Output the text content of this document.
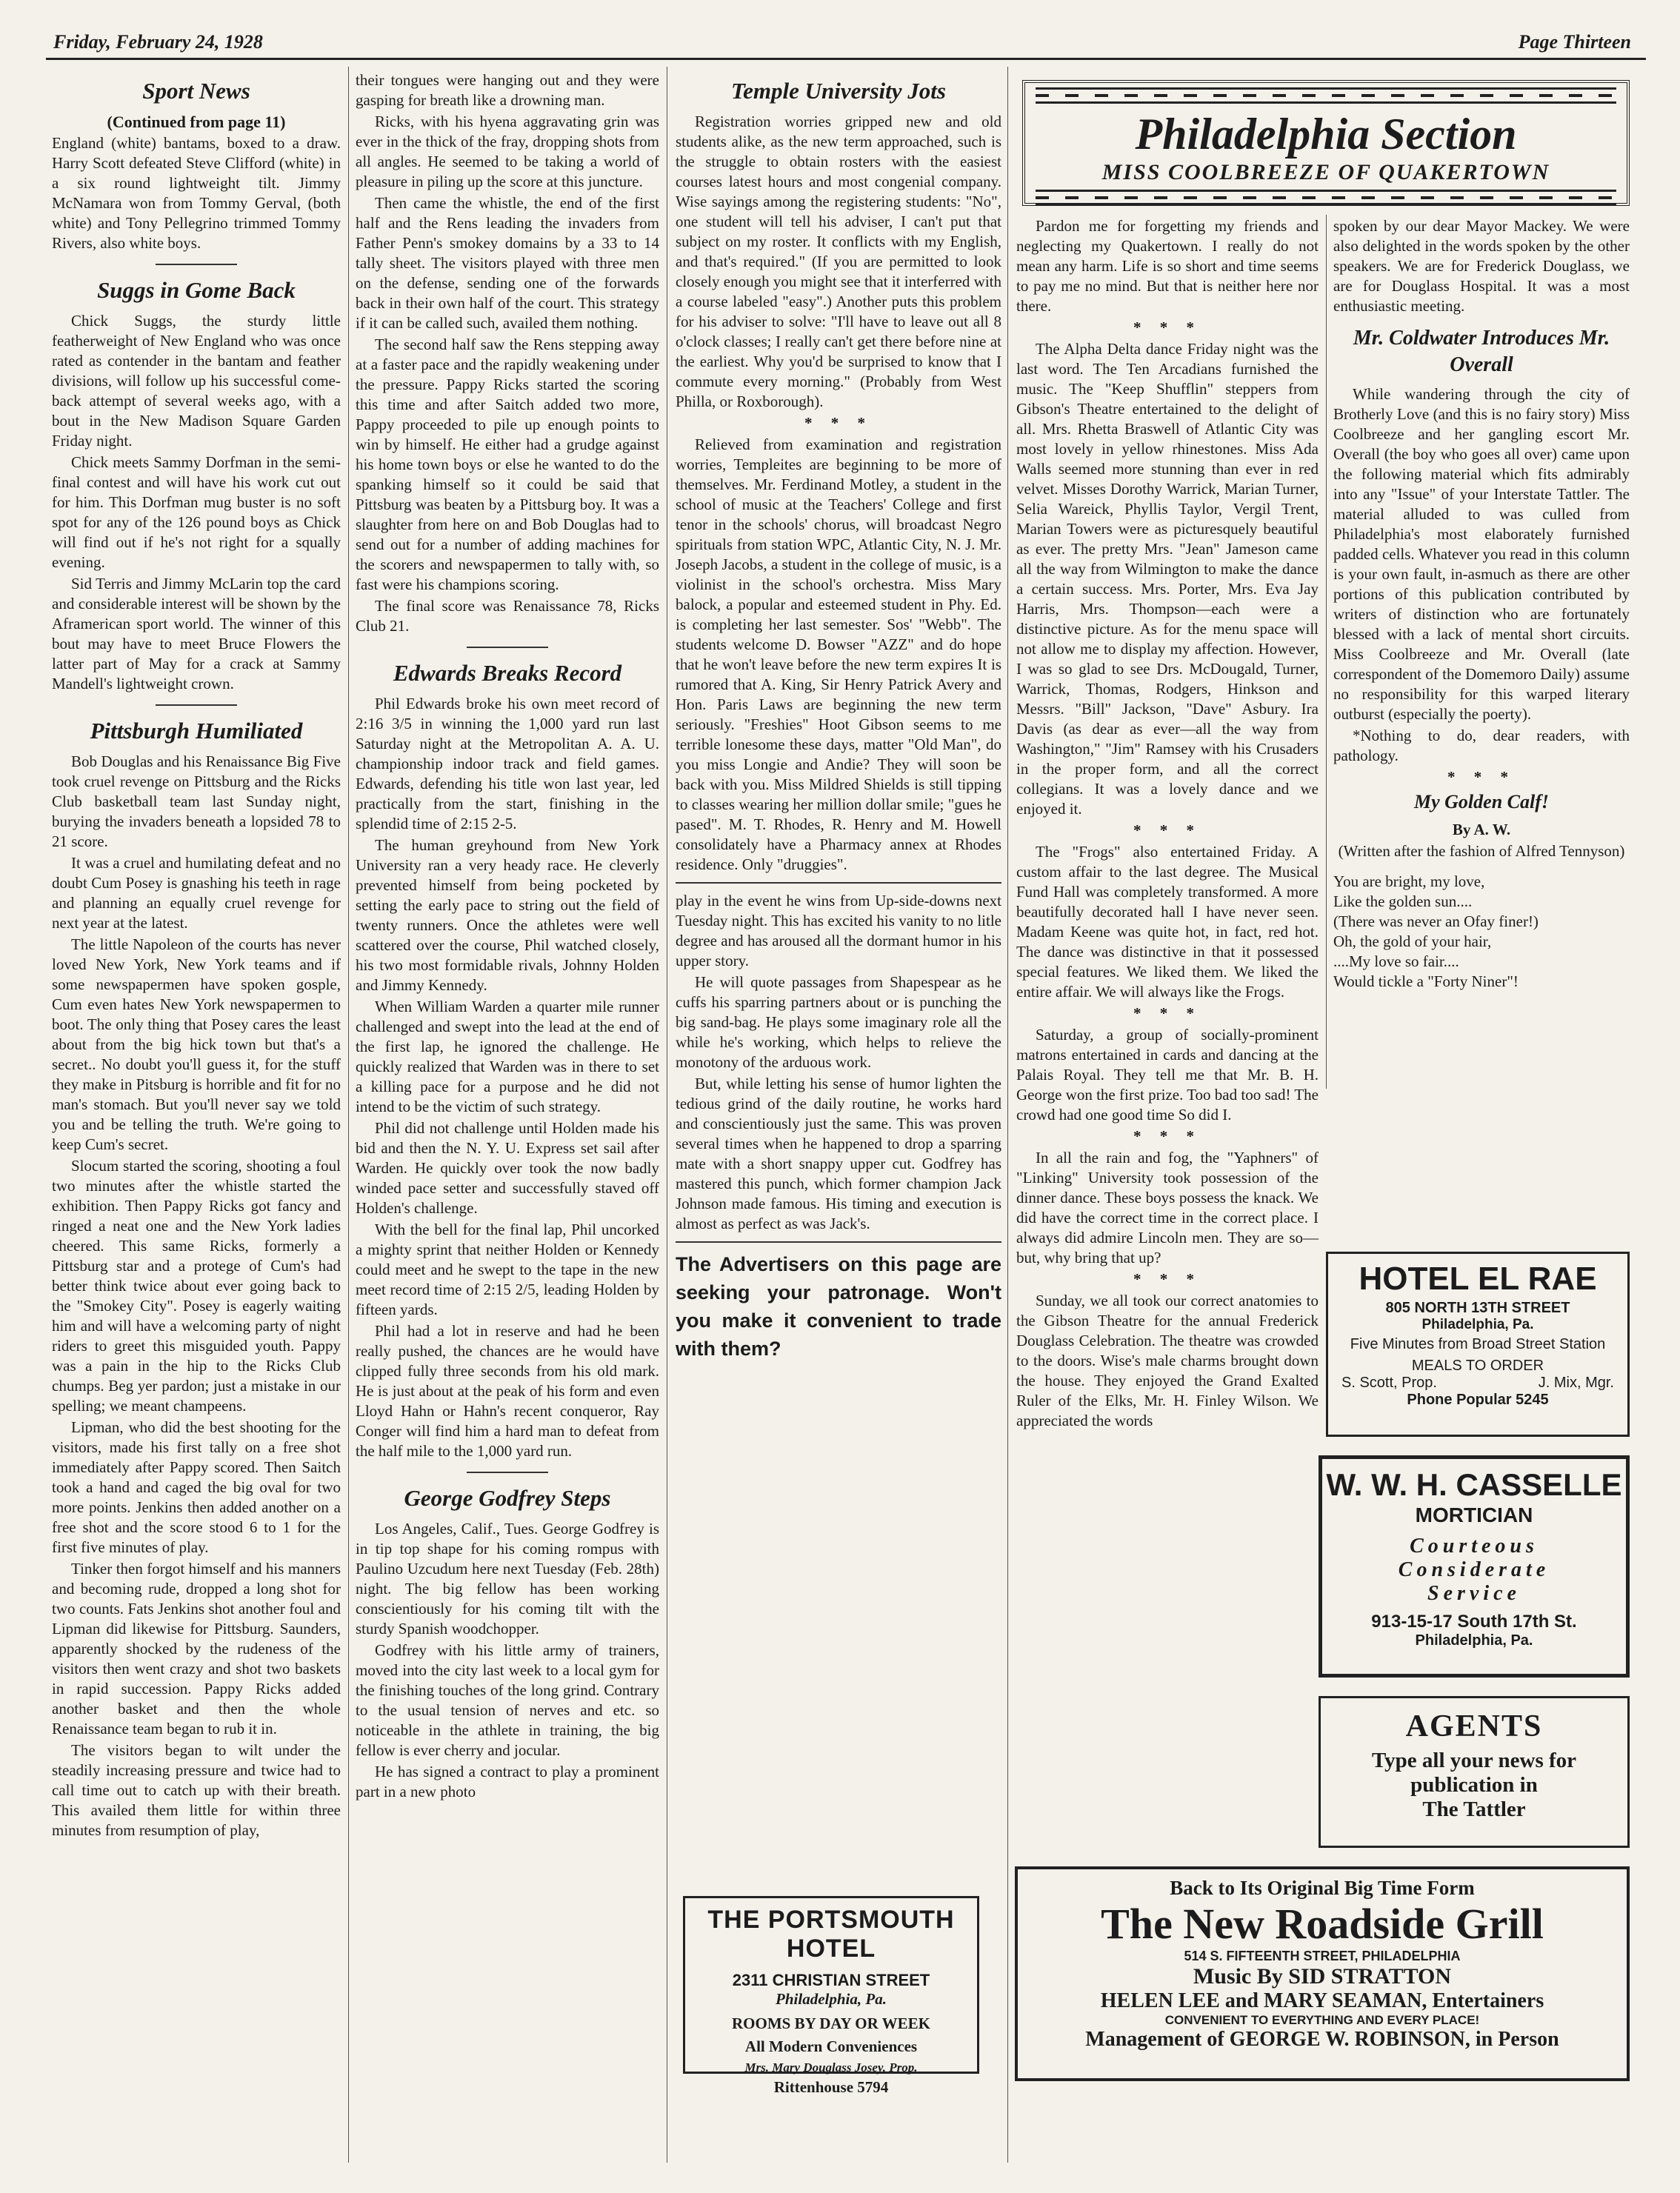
Friday, February 24, 1928	Page Thirteen
Sport News

(Continued from page 11)

England (white) bantams, boxed to a draw. Harry Scott defeated Steve Clifford (white) in a six round lightweight tilt. Jimmy McNamara won from Tommy Gerval, (both white) and Tony Pellegrino trimmed Tommy Rivers, also white boys.

Suggs in Gome Back

Chick Suggs, the sturdy little featherweight of New England who was once rated as contender in the bantam and feather divisions, will follow up his successful come-back attempt of several weeks ago, with a bout in the New Madison Square Garden Friday night.

Chick meets Sammy Dorfman in the semi-final contest and will have his work cut out for him. This Dorfman mug buster is no soft spot for any of the 126 pound boys as Chick will find out if he's not right for a squally evening.

Sid Terris and Jimmy McLarin top the card and considerable interest will be shown by the Aframerican sport world. The winner of this bout may have to meet Bruce Flowers the latter part of May for a crack at Sammy Mandell's lightweight crown.

Pittsburgh Humiliated

Bob Douglas and his Renaissance Big Five took cruel revenge on Pittsburg and the Ricks Club basketball team last Sunday night, burying the invaders beneath a lopsided 78 to 21 score.

It was a cruel and humilating defeat and no doubt Cum Posey is gnashing his teeth in rage and planning an equally cruel revenge for next year at the latest.

The little Napoleon of the courts has never loved New York, New York teams and if some newspapermen have spoken gosple, Cum even hates New York newspapermen to boot. The only thing that Posey cares the least about from the big hick town but that's a secret.. No doubt you'll guess it, for the stuff they make in Pitsburg is horrible and fit for no man's stomach. But you'll never say we told you and be telling the truth. We're going to keep Cum's secret.

Slocum started the scoring, shooting a foul two minutes after the whistle started the exhibition. Then Pappy Ricks got fancy and ringed a neat one and the New York ladies cheered. This same Ricks, formerly a Pittsburg star and a protege of Cum's had better think twice about ever going back to the "Smokey City". Posey is eagerly waiting him and will have a welcoming party of night riders to greet this misguided youth. Pappy was a pain in the hip to the Ricks Club chumps. Beg yer pardon; just a mistake in our spelling; we meant champeens.

Lipman, who did the best shooting for the visitors, made his first tally on a free shot immediately after Pappy scored. Then Saitch took a hand and caged the big oval for two more points. Jenkins then added another on a free shot and the score stood 6 to 1 for the first five minutes of play.

Tinker then forgot himself and his manners and becoming rude, dropped a long shot for two counts. Fats Jenkins shot another foul and Lipman did likewise for Pittsburg. Saunders, apparently shocked by the rudeness of the visitors then went crazy and shot two baskets in rapid succession. Pappy Ricks added another basket and then the whole Renaissance team began to rub it in.

The visitors began to wilt under the steadily increasing pressure and twice had to call time out to catch up with their breath. This availed them little for within three minutes from resumption of play,

their tongues were hanging out and they were gasping for breath like a drowning man.

Ricks, with his hyena aggravating grin was ever in the thick of the fray, dropping shots from all angles. He seemed to be taking a world of pleasure in piling up the score at this juncture.

Then came the whistle, the end of the first half and the Rens leading the invaders from Father Penn's smokey domains by a 33 to 14 tally sheet. The visitors played with three men on the defense, sending one of the forwards back in their own half of the court. This strategy if it can be called such, availed them nothing.

The second half saw the Rens stepping away at a faster pace and the rapidly weakening under the pressure. Pappy Ricks started the scoring this time and after Saitch added two more, Pappy proceeded to pile up enough points to win by himself. He either had a grudge against his home town boys or else he wanted to do the spanking himself so it could be said that Pittsburg was beaten by a Pittsburg boy. It was a slaughter from here on and Bob Douglas had to send out for a number of adding machines for the scorers and newspapermen to tally with, so fast were his champions scoring.

The final score was Renaissance 78, Ricks Club 21.

Edwards Breaks Record

Phil Edwards broke his own meet record of 2:16 3/5 in winning the 1,000 yard run last Saturday night at the Metropolitan A. A. U. championship indoor track and field games. Edwards, defending his title won last year, led practically from the start, finishing in the splendid time of 2:15 2-5.

The human greyhound from New York University ran a very heady race. He cleverly prevented himself from being pocketed by setting the early pace to string out the field of twenty runners. Once the athletes were well scattered over the course, Phil watched closely, his two most formidable rivals, Johnny Holden and Jimmy Kennedy.

When William Warden a quarter mile runner challenged and swept into the lead at the end of the first lap, he ignored the challenge. He quickly realized that Warden was in there to set a killing pace for a purpose and he did not intend to be the victim of such strategy.

Phil did not challenge until Holden made his bid and then the N. Y. U. Express set sail after Warden. He quickly over took the now badly winded pace setter and successfully staved off Holden's challenge.

With the bell for the final lap, Phil uncorked a mighty sprint that neither Holden or Kennedy could meet and he swept to the tape in the new meet record time of 2:15 2/5, leading Holden by fifteen yards.

Phil had a lot in reserve and had he been really pushed, the chances are he would have clipped fully three seconds from his old mark. He is just about at the peak of his form and even Lloyd Hahn or Hahn's recent conqueror, Ray Conger will find him a hard man to defeat from the half mile to the 1,000 yard run.

George Godfrey Steps

Los Angeles, Calif., Tues. George Godfrey is in tip top shape for his coming rompus with Paulino Uzcudum here next Tuesday (Feb. 28th) night. The big fellow has been working conscientiously for his coming tilt with the sturdy Spanish woodchopper.

Godfrey with his little army of trainers, moved into the city last week to a local gym for the finishing touches of the long grind. Contrary to the usual tension of nerves and etc. so noticeable in the athlete in training, the big fellow is ever cherry and jocular.

He has signed a contract to play a prominent part in a new photo

Temple University Jots

Registration worries gripped new and old students alike, as the new term approached, such is the struggle to obtain rosters with the easiest courses latest hours and most congenial company. Wise sayings among the registering students: "No", one student will tell his adviser, I can't put that subject on my roster. It conflicts with my English, and that's required." (If you are permitted to look closely enough you might see that it interferred with a course labeled "easy".) Another puts this problem for his adviser to solve: "I'll have to leave out all 8 o'clock classes; I really can't get there before nine at the earliest. Why you'd be surprised to know that I commute every morning." (Probably from West Philla, or Roxborough).

* * *

Relieved from examination and registration worries, Templeites are beginning to be more of themselves. Mr. Ferdinand Motley, a student in the school of music at the Teachers' College and first tenor in the schools' chorus, will broadcast Negro spirituals from station WPC, Atlantic City, N. J. Mr. Joseph Jacobs, a student in the college of music, is a violinist in the school's orchestra. Miss Mary balock, a popular and esteemed student in Phy. Ed. is completing her last semester. Sos' "Webb". The students welcome D. Bowser "AZZ" and do hope that he won't leave before the new term expires It is rumored that A. King, Sir Henry Patrick Avery and Hon. Paris Laws are beginning the new term seriously. "Freshies" Hoot Gibson seems to me terrible lonesome these days, matter "Old Man", do you miss Longie and Andie? They will soon be back with you. Miss Mildred Shields is still tipping to classes wearing her million dollar smile; "gues he pased". M. T. Rhodes, R. Henry and M. Howell consolidately have a Pharmacy annex at Rhodes residence. Only "druggies".

play in the event he wins from Up-side-downs next Tuesday night. This has excited his vanity to no litle degree and has aroused all the dormant humor in his upper story.

He will quote passages from Shapespear as he cuffs his sparring partners about or is punching the big sand-bag. He plays some imaginary role all the while he's working, which helps to relieve the monotony of the arduous work.

But, while letting his sense of humor lighten the tedious grind of the daily routine, he works hard and conscientiously just the same. This was proven several times when he happened to drop a sparring mate with a short snappy upper cut. Godfrey has mastered this punch, which former champion Jack Johnson made famous. His timing and execution is almost as perfect as was Jack's.

The Advertisers on this page are seeking your patronage. Won't you make it convenient to trade with them?

THE PORTSMOUTH HOTEL
2311 CHRISTIAN STREET
Philadelphia, Pa.
ROOMS BY DAY OR WEEK
All Modern Conveniences
Mrs. Mary Douglass Josey, Prop.
Rittenhouse 5794
Philadelphia Section
MISS COOLBREEZE OF QUAKERTOWN

Pardon me for forgetting my friends and neglecting my Quakertown. I really do not mean any harm. Life is so short and time seems to pay me no mind. But that is neither here nor there.

* * *

The Alpha Delta dance Friday night was the last word. The Ten Arcadians furnished the music. The "Keep Shufflin" steppers from Gibson's Theatre entertained to the delight of all. Mrs. Rhetta Braswell of Atlantic City was most lovely in yellow rhinestones. Miss Ada Walls seemed more stunning than ever in red velvet. Misses Dorothy Warrick, Marian Turner, Selia Wareick, Phyllis Taylor, Vergil Trent, Marian Towers were as picturesquely beautiful as ever. The pretty Mrs. "Jean" Jameson came all the way from Wilmington to make the dance a certain success. Mrs. Porter, Mrs. Eva Jay Harris, Mrs. Thompson—each were a distinctive picture. As for the menu space will not allow me to display my affection. However, I was so glad to see Drs. McDougald, Turner, Warrick, Thomas, Rodgers, Hinkson and Messrs. "Bill" Jackson, "Dave" Asbury. Ira Davis (as dear as ever—all the way from Washington," "Jim" Ramsey with his Crusaders in the proper form, and all the correct collegians. It was a lovely dance and we enjoyed it.

* * *

The "Frogs" also entertained Friday. A custom affair to the last degree. The Musical Fund Hall was completely transformed. A more beautifully decorated hall I have never seen. Madam Keene was quite hot, in fact, red hot. The dance was distinctive in that it possessed special features. We liked them. We liked the entire affair. We will always like the Frogs.

* * *

Saturday, a group of socially-prominent matrons entertained in cards and dancing at the Palais Royal. They tell me that Mr. B. H. George won the first prize. Too bad too sad! The crowd had one good time So did I.

* * *

In all the rain and fog, the "Yaphners" of "Linking" University took possession of the dinner dance. These boys possess the knack. We did have the correct time in the correct place. I always did admire Lincoln men. They are so— but, why bring that up?

* * *

Sunday, we all took our correct anatomies to the Gibson Theatre for the annual Frederick Douglass Celebration. The theatre was crowded to the doors. Wise's male charms brought down the house. They enjoyed the Grand Exalted Ruler of the Elks, Mr. H. Finley Wilson. We appreciated the words

spoken by our dear Mayor Mackey. We were also delighted in the words spoken by the other speakers. We are for Frederick Douglass, we are for Douglass Hospital. It was a most enthusiastic meeting.

Mr. Coldwater Introduces Mr. Overall

While wandering through the city of Brotherly Love (and this is no fairy story) Miss Coolbreeze and her gangling escort Mr. Overall (the boy who goes all over) came upon the following material which fits admirably into any "Issue" of your Interstate Tattler. The material alluded to was culled from Philadelphia's most elaborately furnished padded cells. Whatever you read in this column is your own fault, in-asmuch as there are other portions of this publication contributed by writers of distinction who are fortunately blessed with a lack of mental short circuits. Miss Coolbreeze and Mr. Overall (late correspondent of the Domemoro Daily) assume no responsibility for this warped literary outburst (especially the poerty).

*Nothing to do, dear readers, with pathology.

* * *

My Golden Calf!

By A. W.

(Written after the fashion of Alfred Tennyson)

You are bright, my love,

Like the golden sun....

(There was never an Ofay finer!)

Oh, the gold of your hair,

....My love so fair....

Would tickle a "Forty Niner"!

HOTEL EL RAE
805 NORTH 13TH STREET
Philadelphia, Pa.
Five Minutes from Broad Street Station
MEALS TO ORDER
S. Scott, Prop.	J. Mix, Mgr.
Phone Popular 5245
W. W. H. CASSELLE
MORTICIAN
Courteous
Considerate
Service
913-15-17 South 17th St.
Philadelphia, Pa.
AGENTS
Type all your news for
publication in
The Tattler
Back to Its Original Big Time Form
The New Roadside Grill
514 S. FIFTEENTH STREET, PHILADELPHIA
Music By SID STRATTON
HELEN LEE and MARY SEAMAN, Entertainers
CONVENIENT TO EVERYTHING AND EVERY PLACE!
Management of GEORGE W. ROBINSON, in Person
